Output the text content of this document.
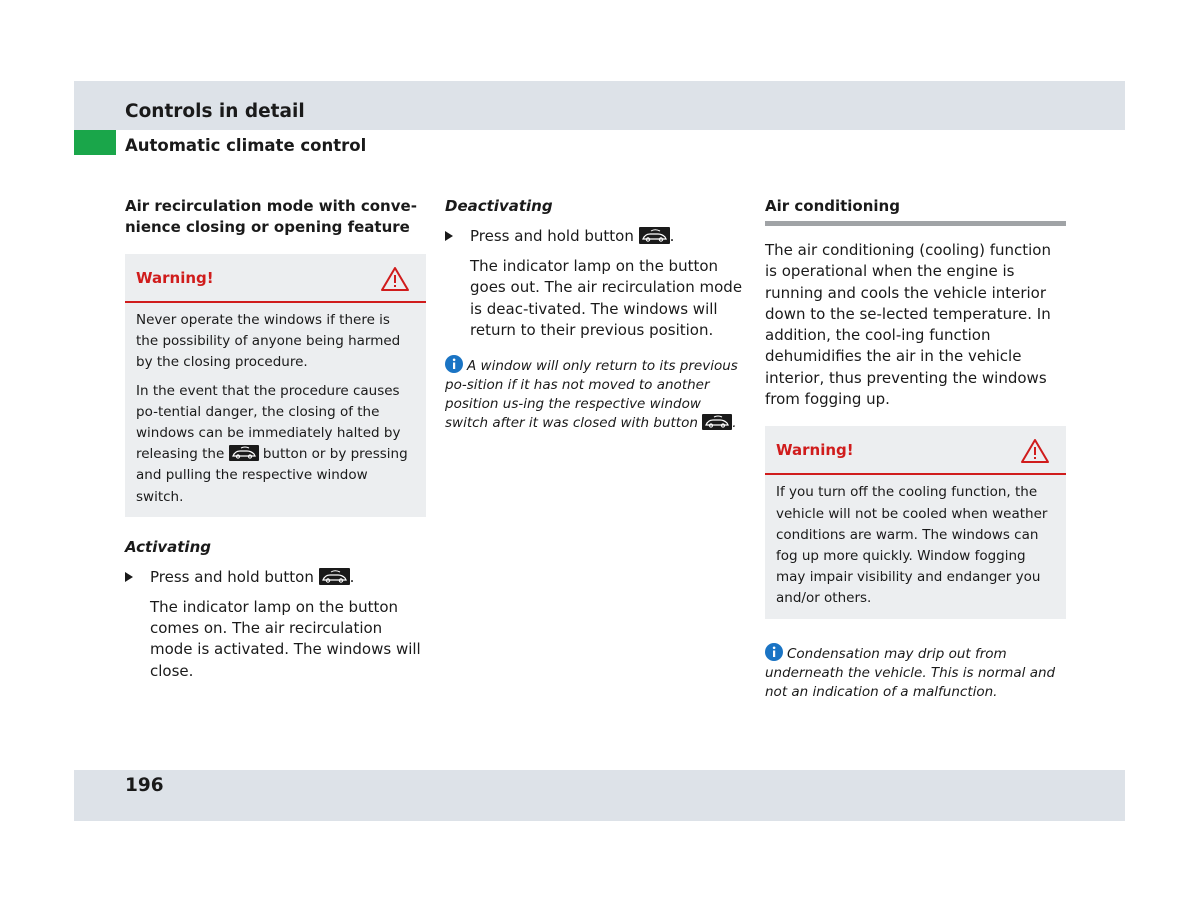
Controls in detail
Automatic climate control

Air recirculation mode with conve-
nience closing or opening feature

Warning!

Never operate the windows if there is the possibility of anyone being harmed by the closing procedure.

In the event that the procedure causes po-tential danger, the closing of the windows can be immediately halted by releasing the	button or by pressing and pulling the respective window switch.

Activating

Press and hold button .

The indicator lamp on the button comes on. The air recirculation mode is activated. The windows will close.

Deactivating

Press and hold button .

The indicator lamp on the button goes out. The air recirculation mode is deac-tivated. The windows will return to their previous position.

A window will only return to its previous po-sition if it has not moved to another position us-ing the respective window switch after it was closed with button	.

Air conditioning

The air conditioning (cooling) function is operational when the engine is running and cools the vehicle interior down to the se-lected temperature. In addition, the cool-ing function dehumidifies the air in the vehicle interior, thus preventing the windows from fogging up.

Warning!

If you turn off the cooling function, the vehicle will not be cooled when weather conditions are warm. The windows can fog up more quickly. Window fogging may impair visibility and endanger you and/or others.

Condensation may drip out from underneath the vehicle. This is normal and not an indication of a malfunction.

196
